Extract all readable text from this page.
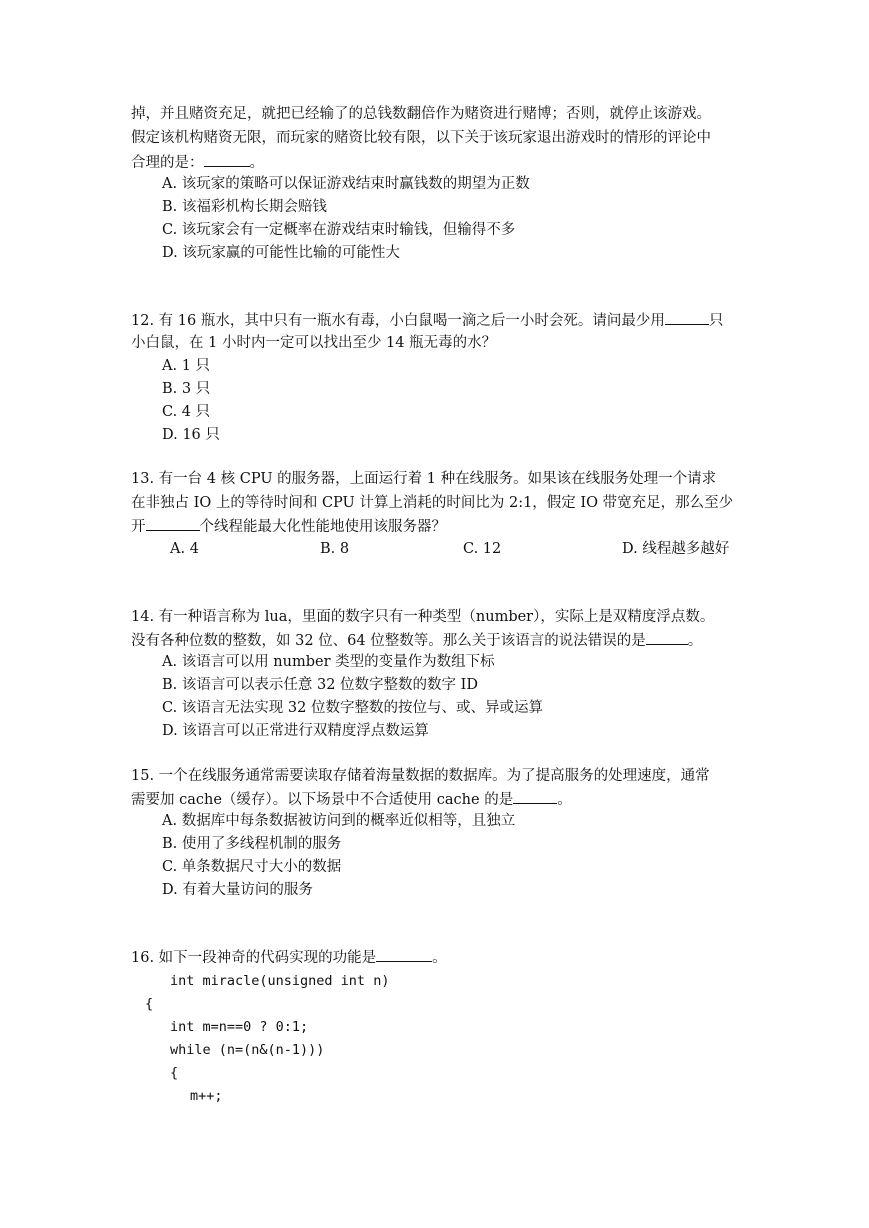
掉，并且赌资充足，就把已经输了的总钱数翻倍作为赌资进行赌博；否则，就停止该游戏。
假定该机构赌资无限，而玩家的赌资比较有限，以下关于该玩家退出游戏时的情形的评论中
合理的是：	。
A. 该玩家的策略可以保证游戏结束时赢钱数的期望为正数
B. 该福彩机构长期会赔钱
C. 该玩家会有一定概率在游戏结束时输钱，但输得不多
D. 该玩家赢的可能性比输的可能性大
12. 有 16 瓶水，其中只有一瓶水有毒，小白鼠喝一滴之后一小时会死。请问最少用	只
小白鼠，在 1 小时内一定可以找出至少 14 瓶无毒的水？
A. 1 只
B. 3 只
C. 4 只
D. 16 只
13. 有一台 4 核 CPU 的服务器，上面运行着 1 种在线服务。如果该在线服务处理一个请求
在非独占 IO 上的等待时间和 CPU 计算上消耗的时间比为 2:1，假定 IO 带宽充足，那么至少
开	个线程能最大化性能地使用该服务器？
A. 4	B. 8	C. 12	D. 线程越多越好
14. 有一种语言称为 lua，里面的数字只有一种类型（number），实际上是双精度浮点数。
没有各种位数的整数，如 32 位、64 位整数等。那么关于该语言的说法错误的是	。
A. 该语言可以用 number 类型的变量作为数组下标
B. 该语言可以表示任意 32 位数字整数的数字 ID
C. 该语言无法实现 32 位数字整数的按位与、或、异或运算
D. 该语言可以正常进行双精度浮点数运算
15. 一个在线服务通常需要读取存储着海量数据的数据库。为了提高服务的处理速度，通常
需要加 cache（缓存）。以下场景中不合适使用 cache 的是	。
A. 数据库中每条数据被访问到的概率近似相等，且独立
B. 使用了多线程机制的服务
C. 单条数据尺寸大小的数据
D. 有着大量访问的服务
16. 如下一段神奇的代码实现的功能是	。
int miracle(unsigned int n)
{
int m=n==0 ? 0:1;
while (n=(n&(n-1)))
{
m++;
